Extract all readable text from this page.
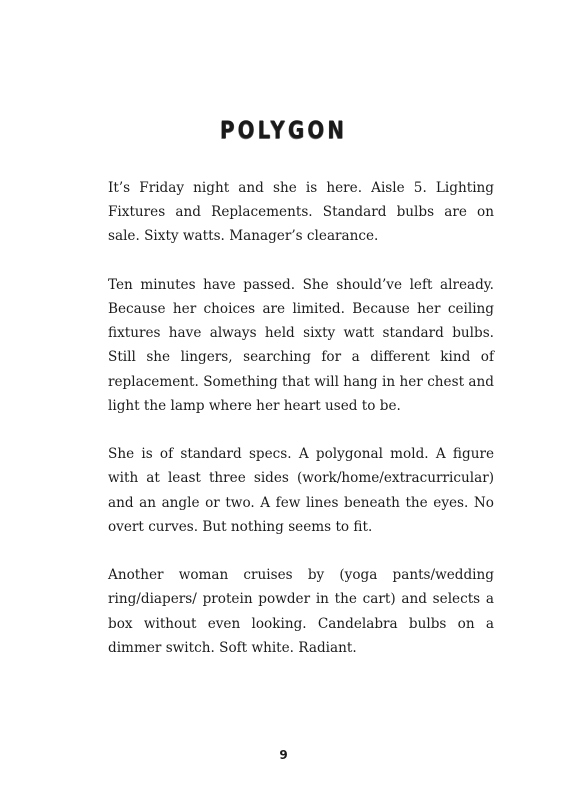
POLYGON

It’s Friday night and she is here. Aisle 5. Lighting Fixtures and Replacements. Standard bulbs are on sale. Sixty watts. Manager’s clearance.

Ten minutes have passed. She should’ve left already. Because her choices are limited. Because her ceiling fixtures have always held sixty watt standard bulbs. Still she lingers, searching for a different kind of replacement. Something that will hang in her chest and light the lamp where her heart used to be.

She is of standard specs. A polygonal mold. A figure with at least three sides (work/home/extracurricular) and an angle or two. A few lines beneath the eyes. No overt curves. But nothing seems to fit.

Another woman cruises by (yoga pants/wedding ring/diapers/ protein powder in the cart) and selects a box without even looking. Candelabra bulbs on a dimmer switch. Soft white. Radiant.

9
